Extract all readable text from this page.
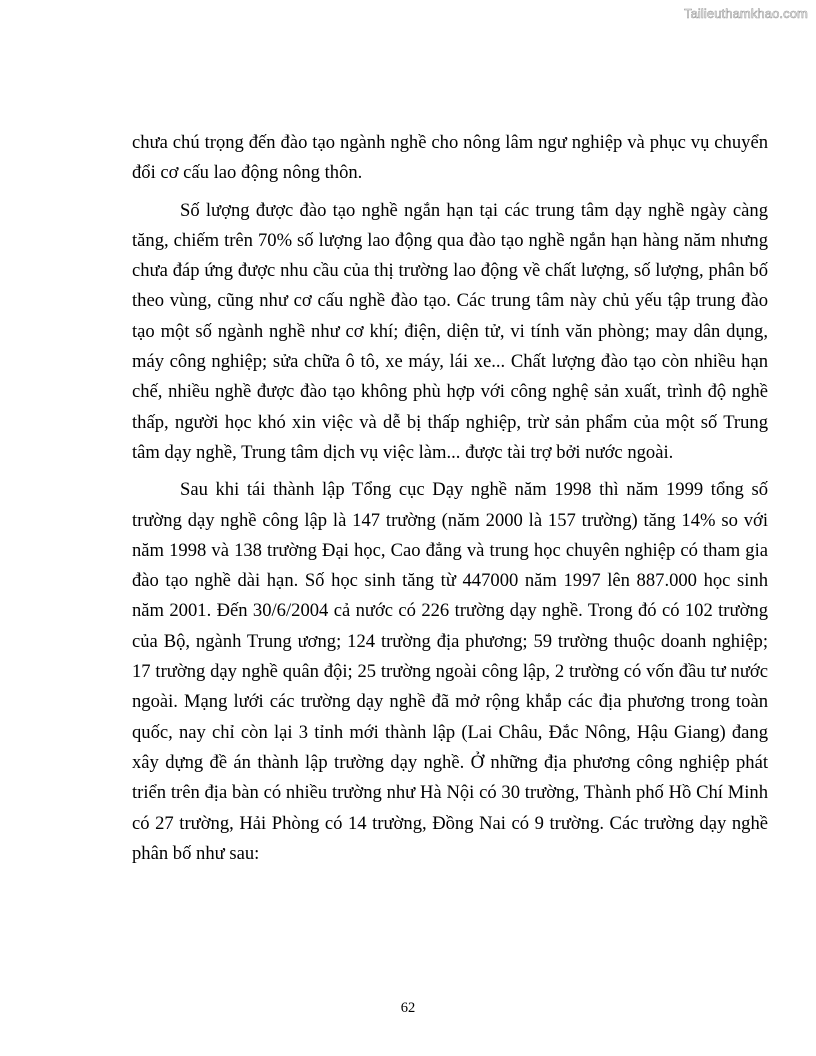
Tailieuthamkhao.com

chưa chú trọng đến đào tạo ngành nghề cho nông lâm ngư nghiệp và phục vụ chuyển đổi cơ cấu lao động nông thôn.

Số lượng được đào tạo nghề ngắn hạn tại các trung tâm dạy nghề ngày càng tăng, chiếm trên 70% số lượng lao động qua đào tạo nghề ngắn hạn hàng năm nhưng chưa đáp ứng được nhu cầu của thị trường lao động về chất lượng, số lượng, phân bố theo vùng, cũng như cơ cấu nghề đào tạo. Các trung tâm này chủ yếu tập trung đào tạo một số ngành nghề như cơ khí; điện, diện tử, vi tính văn phòng; may dân dụng, máy công nghiệp; sửa chữa ô tô, xe máy, lái xe... Chất lượng đào tạo còn nhiều hạn chế, nhiều nghề được đào tạo không phù hợp với công nghệ sản xuất, trình độ nghề thấp, người học khó xin việc và dễ bị thấp nghiệp, trừ sản phẩm của một số Trung tâm dạy nghề, Trung tâm dịch vụ việc làm... được tài trợ bởi nước ngoài.

Sau khi tái thành lập Tổng cục Dạy nghề năm 1998 thì năm 1999 tổng số trường dạy nghề công lập là 147 trường (năm 2000 là 157 trường) tăng 14% so với năm 1998 và 138 trường Đại học, Cao đẳng và trung học chuyên nghiệp có tham gia đào tạo nghề dài hạn. Số học sinh tăng từ 447000 năm 1997 lên 887.000 học sinh năm 2001. Đến 30/6/2004 cả nước có 226 trường dạy nghề. Trong đó có 102 trường của Bộ, ngành Trung ương; 124 trường địa phương; 59 trường thuộc doanh nghiệp; 17 trường dạy nghề quân đội; 25 trường ngoài công lập, 2 trường có vốn đầu tư nước ngoài. Mạng lưới các trường dạy nghề đã mở rộng khắp các địa phương trong toàn quốc, nay chỉ còn lại 3 tỉnh mới thành lập (Lai Châu, Đắc Nông, Hậu Giang) đang xây dựng đề án thành lập trường dạy nghề. Ở những địa phương công nghiệp phát triển trên địa bàn có nhiều trường như Hà Nội có 30 trường, Thành phố Hồ Chí Minh có 27 trường, Hải Phòng có 14 trường, Đồng Nai có 9 trường. Các trường dạy nghề phân bố như sau:

62
